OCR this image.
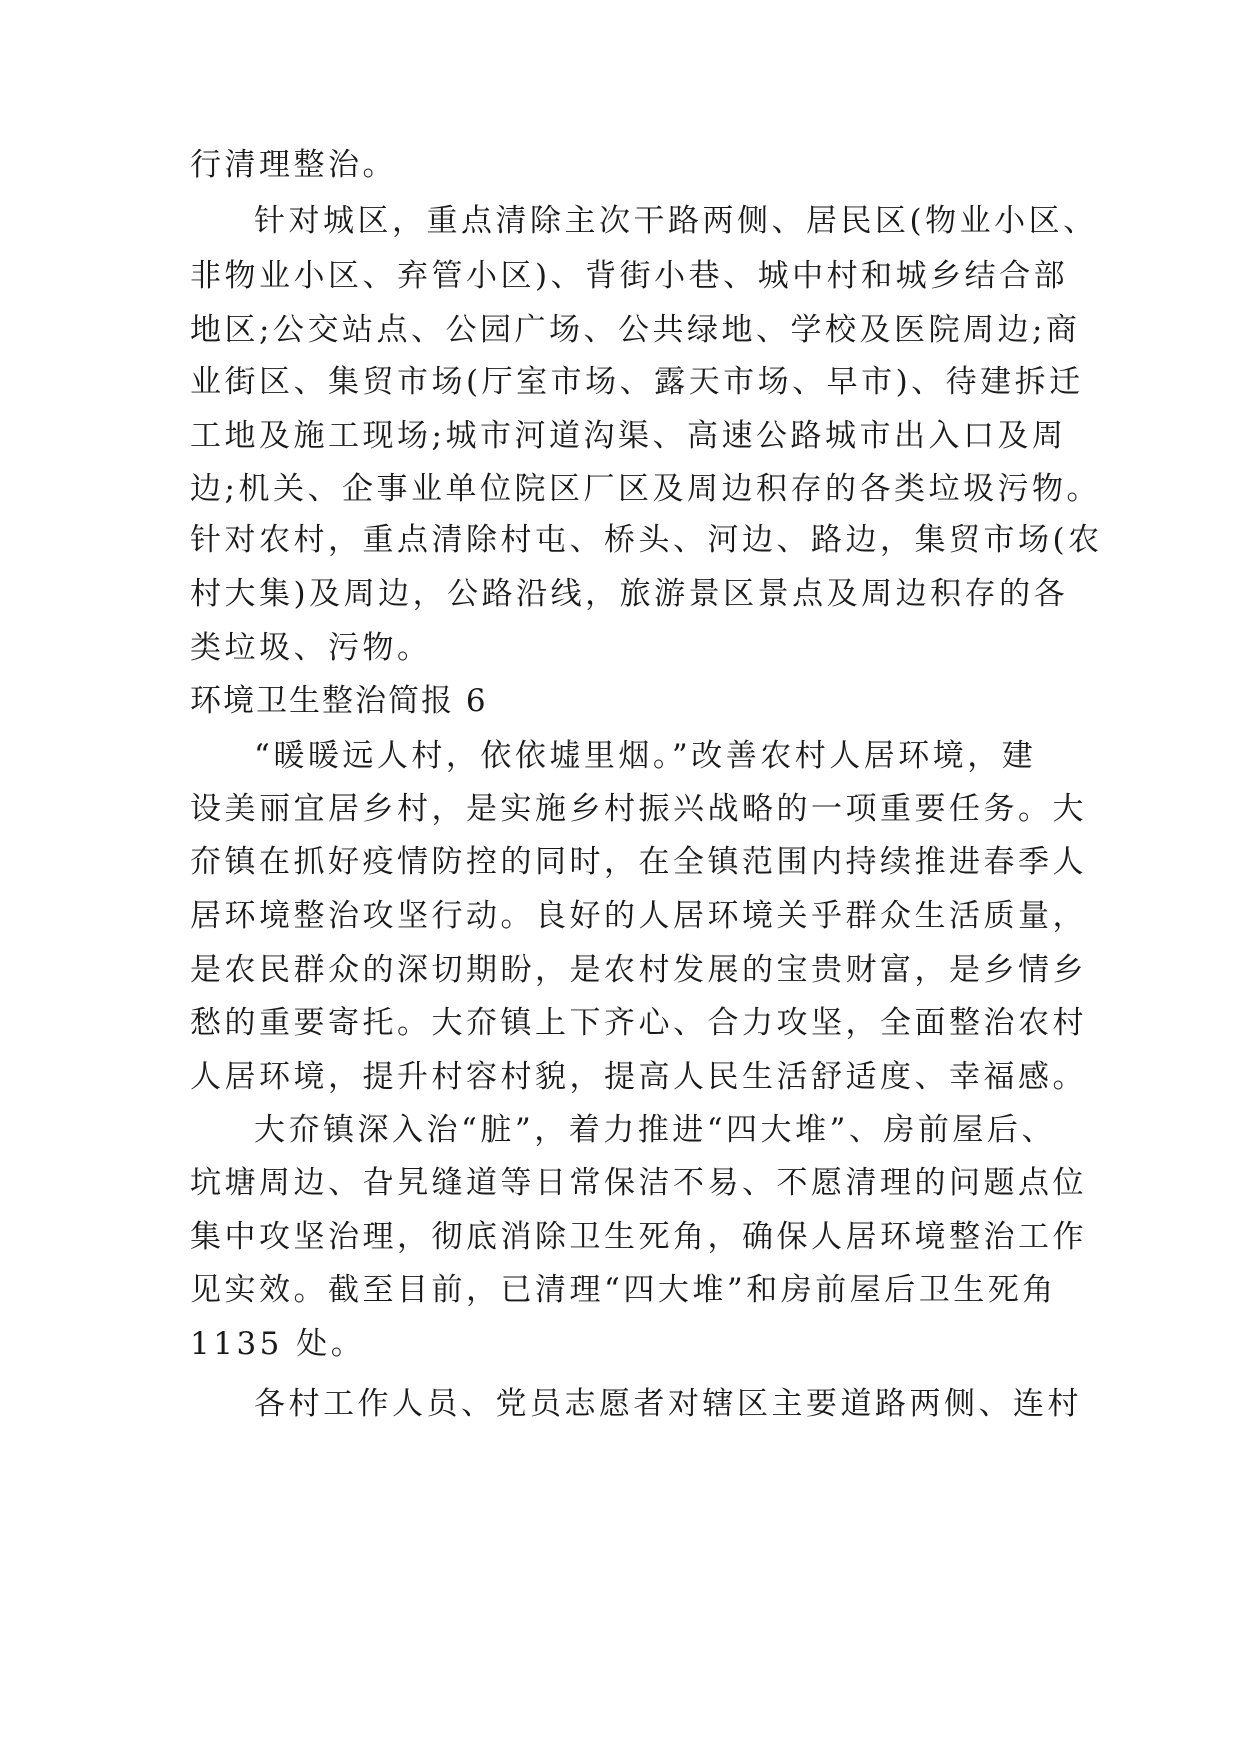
行清理整治。
针对城区，重点清除主次干路两侧、居民区(物业小区、
非物业小区、弃管小区)、背街小巷、城中村和城乡结合部
地区;公交站点、公园广场、公共绿地、学校及医院周边;商
业街区、集贸市场(厅室市场、露天市场、早市)、待建拆迁
工地及施工现场;城市河道沟渠、高速公路城市出入口及周
边;机关、企事业单位院区厂区及周边积存的各类垃圾污物。
针对农村，重点清除村屯、桥头、河边、路边，集贸市场(农
村大集)及周边，公路沿线，旅游景区景点及周边积存的各
类垃圾、污物。
环境卫生整治简报 6
“暖暖远人村，依依墟里烟。”改善农村人居环境，建
设美丽宜居乡村，是实施乡村振兴战略的一项重要任务。大
夼镇在抓好疫情防控的同时，在全镇范围内持续推进春季人
居环境整治攻坚行动。良好的人居环境关乎群众生活质量，
是农民群众的深切期盼，是农村发展的宝贵财富，是乡情乡
愁的重要寄托。大夼镇上下齐心、合力攻坚，全面整治农村
人居环境，提升村容村貌，提高人民生活舒适度、幸福感。
大夼镇深入治“脏”，着力推进“四大堆”、房前屋后、
坑塘周边、旮旯缝道等日常保洁不易、不愿清理的问题点位
集中攻坚治理，彻底消除卫生死角，确保人居环境整治工作
见实效。截至目前，已清理“四大堆”和房前屋后卫生死角
1135 处。
各村工作人员、党员志愿者对辖区主要道路两侧、连村
